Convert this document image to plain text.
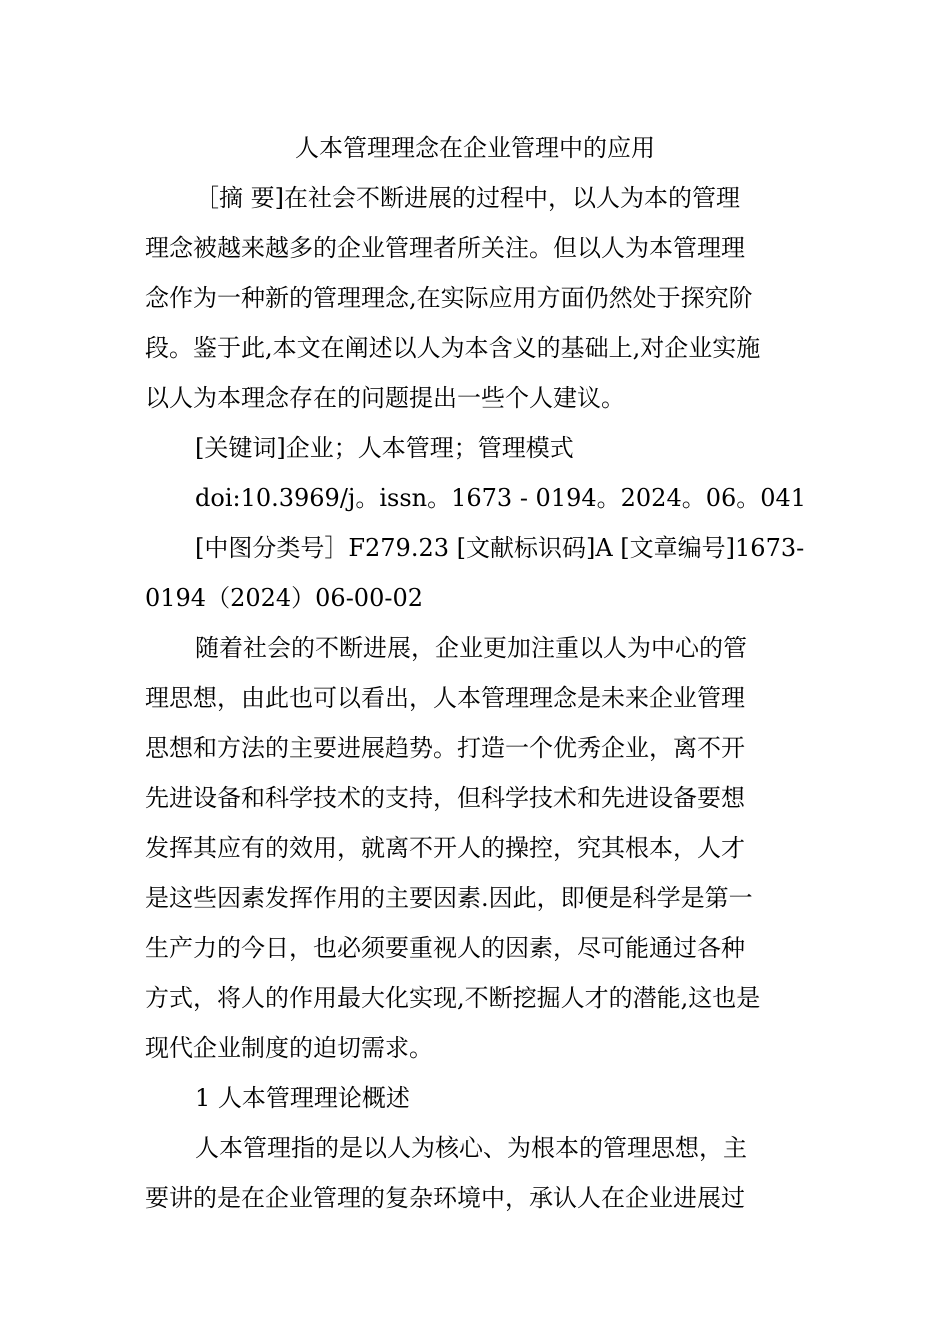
人本管理理念在企业管理中的应用
［摘 要]在社会不断进展的过程中，以人为本的管理
理念被越来越多的企业管理者所关注。但以人为本管理理
念作为一种新的管理理念,在实际应用方面仍然处于探究阶
段。鉴于此,本文在阐述以人为本含义的基础上,对企业实施
以人为本理念存在的问题提出一些个人建议。
[关键词]企业；人本管理；管理模式
doi:10.3969/j。issn。1673 - 0194。2024。06。041
[中图分类号］F279.23 [文献标识码]A [文章编号]1673-
0194（2024）06-00-02
随着社会的不断进展，企业更加注重以人为中心的管
理思想，由此也可以看出，人本管理理念是未来企业管理
思想和方法的主要进展趋势。打造一个优秀企业，离不开
先进设备和科学技术的支持，但科学技术和先进设备要想
发挥其应有的效用，就离不开人的操控，究其根本，人才
是这些因素发挥作用的主要因素.因此，即便是科学是第一
生产力的今日，也必须要重视人的因素，尽可能通过各种
方式，将人的作用最大化实现,不断挖掘人才的潜能,这也是
现代企业制度的迫切需求。
1 人本管理理论概述
人本管理指的是以人为核心、为根本的管理思想，主
要讲的是在企业管理的复杂环境中，承认人在企业进展过
